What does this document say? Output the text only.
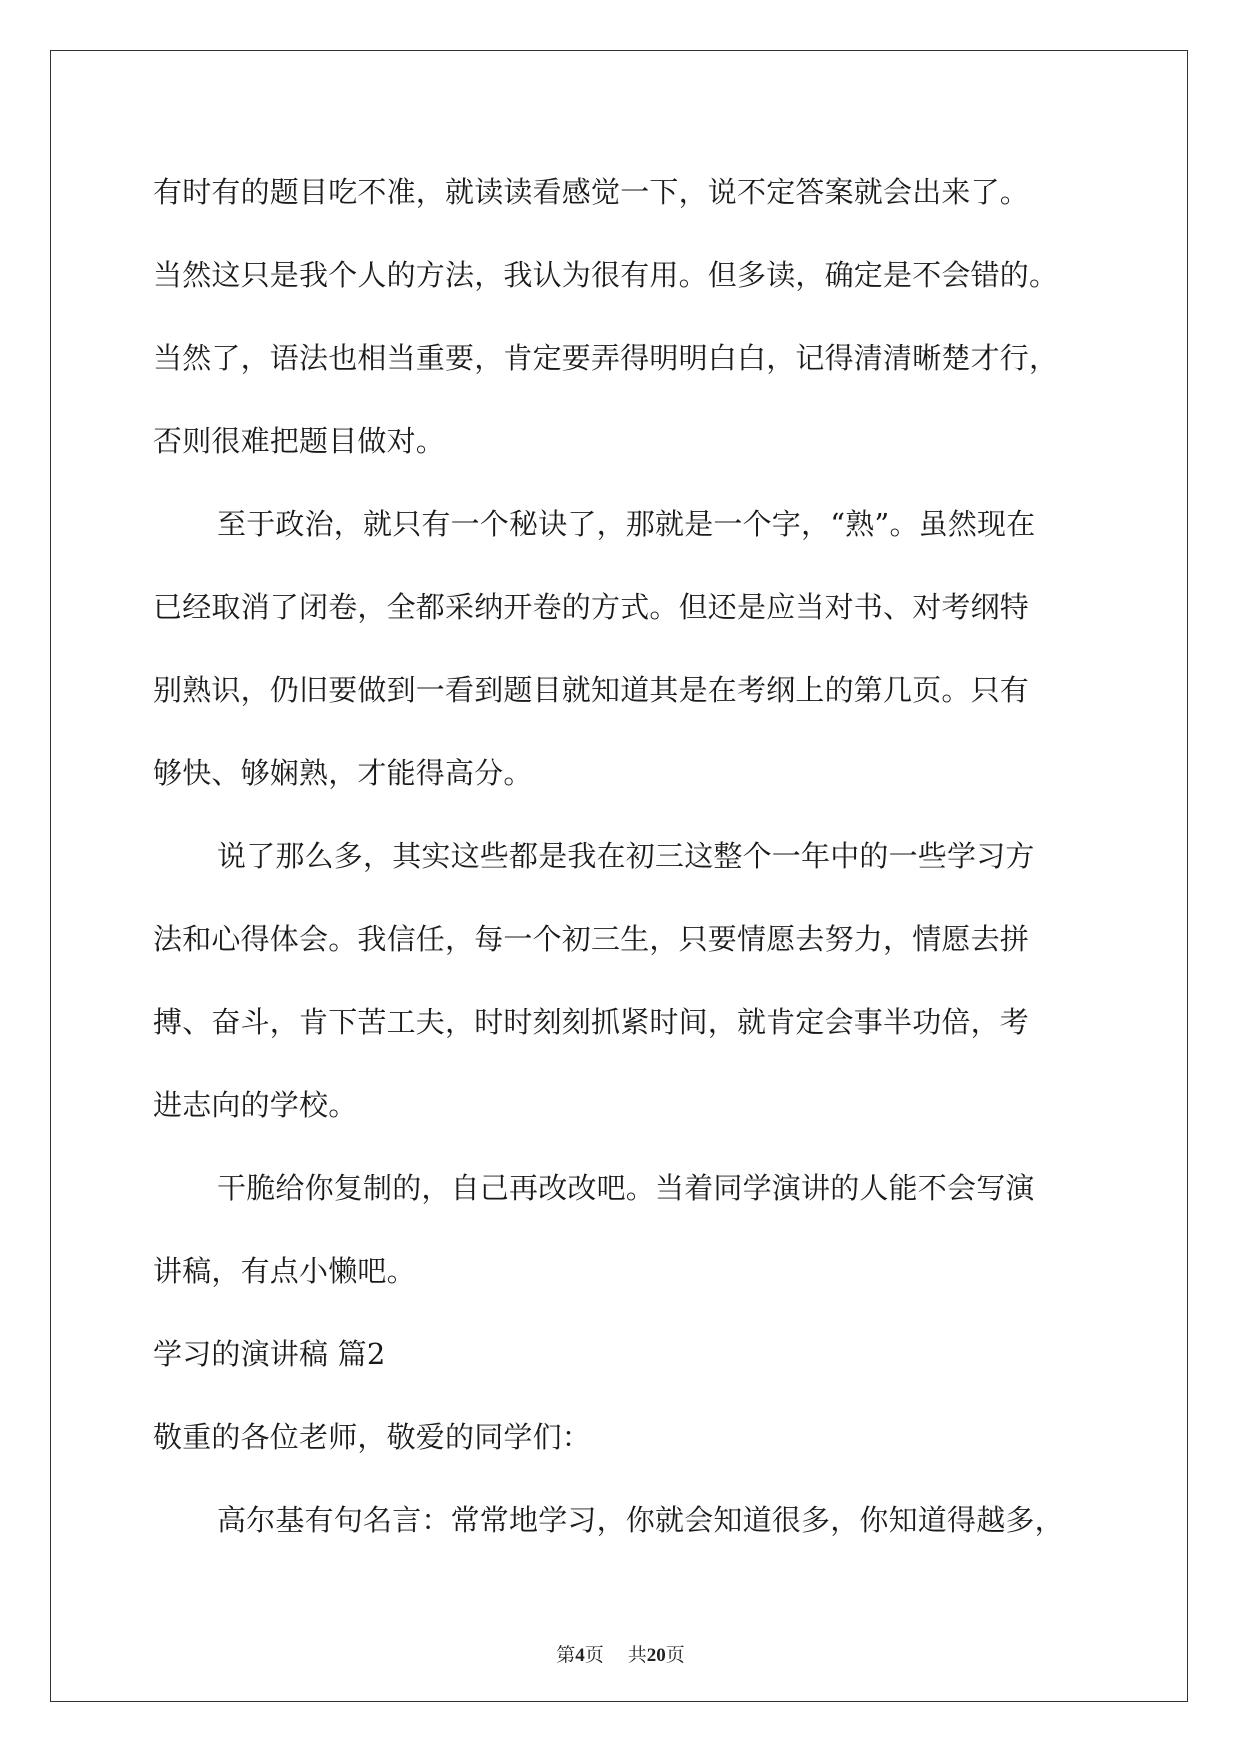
有时有的题目吃不准，就读读看感觉一下，说不定答案就会出来了。
当然这只是我个人的方法，我认为很有用。但多读，确定是不会错的。
当然了，语法也相当重要，肯定要弄得明明白白，记得清清晰楚才行，
否则很难把题目做对。
至于政治，就只有一个秘诀了，那就是一个字，“熟”。虽然现在
已经取消了闭卷，全都采纳开卷的方式。但还是应当对书、对考纲特
别熟识，仍旧要做到一看到题目就知道其是在考纲上的第几页。只有
够快、够娴熟，才能得高分。
说了那么多，其实这些都是我在初三这整个一年中的一些学习方
法和心得体会。我信任，每一个初三生，只要情愿去努力，情愿去拼
搏、奋斗，肯下苦工夫，时时刻刻抓紧时间，就肯定会事半功倍，考
进志向的学校。
干脆给你复制的，自己再改改吧。当着同学演讲的人能不会写演
讲稿，有点小懒吧。
学习的演讲稿 篇2
敬重的各位老师，敬爱的同学们：
高尔基有句名言：常常地学习，你就会知道很多，你知道得越多，
第4页 共20页
